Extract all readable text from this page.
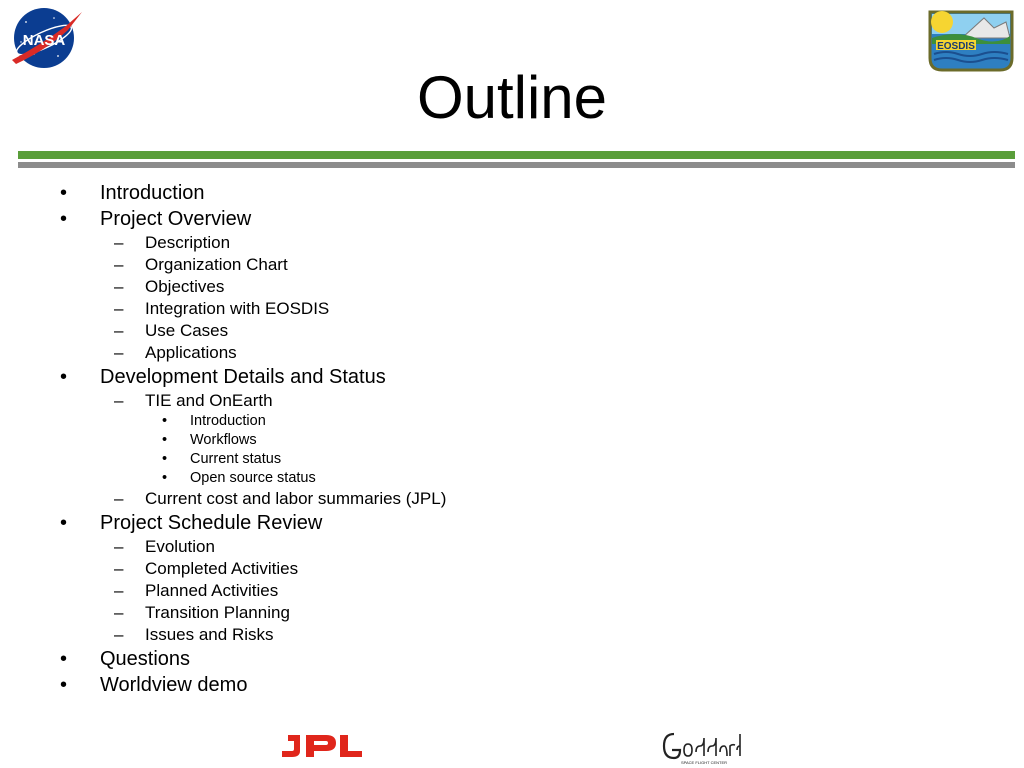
NASA	EOSDIS
Outline
• Introduction
• Project Overview
– Description
– Organization Chart
– Objectives
– Integration with EOSDIS
– Use Cases
– Applications
• Development Details and Status
– TIE and OnEarth
• Introduction
• Workflows
• Current status
• Open source status
– Current cost and labor summaries (JPL)
• Project Schedule Review
– Evolution
– Completed Activities
– Planned Activities
– Transition Planning
– Issues and Risks
• Questions
• Worldview demo
SPACE FLIGHT CENTER
